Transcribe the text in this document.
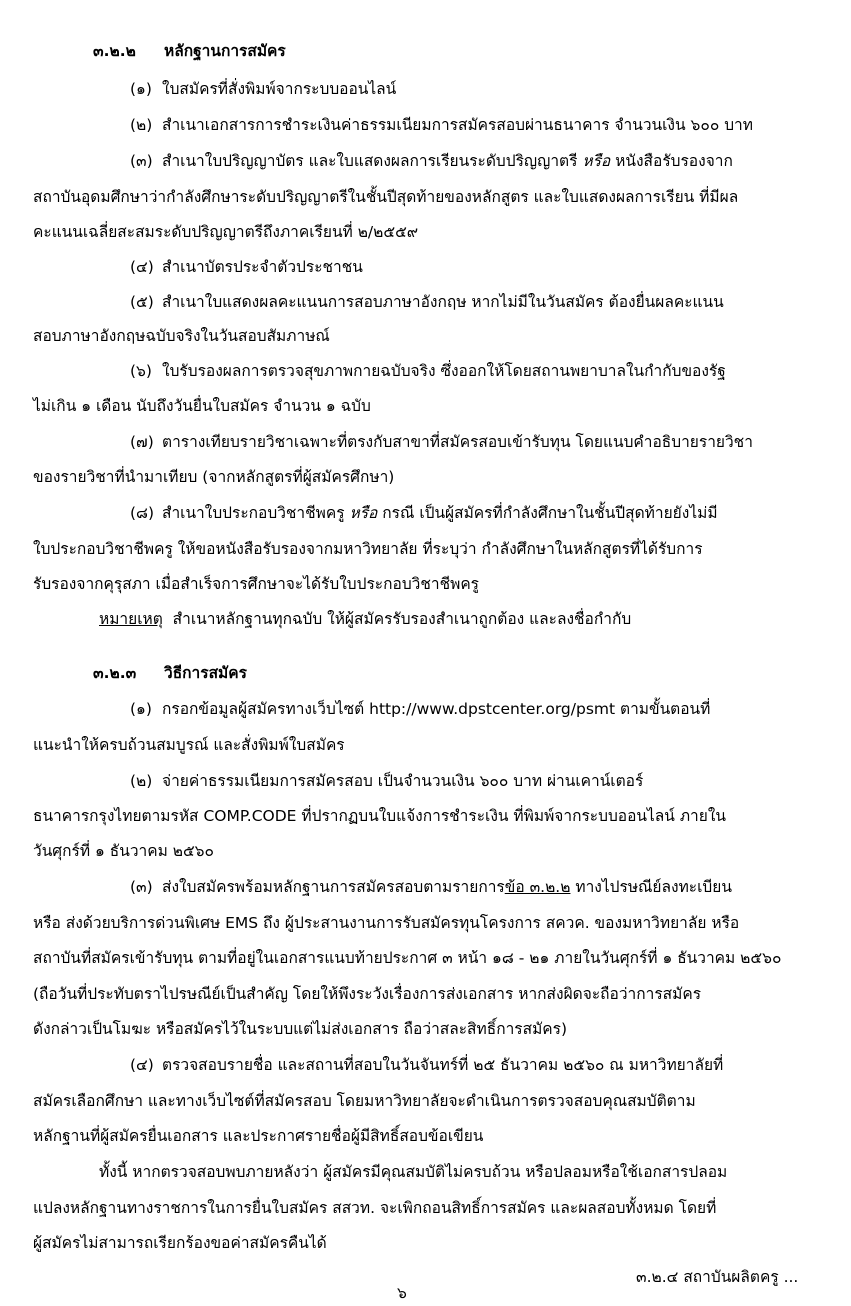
๓.๒.๒ หลักฐานการสมัคร
(๑) ใบสมัครที่สั่งพิมพ์จากระบบออนไลน์
(๒) สำเนาเอกสารการชำระเงินค่าธรรมเนียมการสมัครสอบผ่านธนาคาร จำนวนเงิน ๖๐๐ บาท
(๓) สำเนาใบปริญญาบัตร และใบแสดงผลการเรียนระดับปริญญาตรี หรือ หนังสือรับรองจาก
สถาบันอุดมศึกษาว่ากำลังศึกษาระดับปริญญาตรีในชั้นปีสุดท้ายของหลักสูตร และใบแสดงผลการเรียน ที่มีผล
คะแนนเฉลี่ยสะสมระดับปริญญาตรีถึงภาคเรียนที่ ๒/๒๕๕๙
(๔) สำเนาบัตรประจำตัวประชาชน
(๕) สำเนาใบแสดงผลคะแนนการสอบภาษาอังกฤษ หากไม่มีในวันสมัคร ต้องยื่นผลคะแนน
สอบภาษาอังกฤษฉบับจริงในวันสอบสัมภาษณ์
(๖) ใบรับรองผลการตรวจสุขภาพกายฉบับจริง ซึ่งออกให้โดยสถานพยาบาลในกำกับของรัฐ
ไม่เกิน ๑ เดือน นับถึงวันยื่นใบสมัคร จำนวน ๑ ฉบับ
(๗) ตารางเทียบรายวิชาเฉพาะที่ตรงกับสาขาที่สมัครสอบเข้ารับทุน โดยแนบคำอธิบายรายวิชา
ของรายวิชาที่นำมาเทียบ (จากหลักสูตรที่ผู้สมัครศึกษา)
(๘) สำเนาใบประกอบวิชาชีพครู หรือ กรณี เป็นผู้สมัครที่กำลังศึกษาในชั้นปีสุดท้ายยังไม่มี
ใบประกอบวิชาชีพครู ให้ขอหนังสือรับรองจากมหาวิทยาลัย ที่ระบุว่า กำลังศึกษาในหลักสูตรที่ได้รับการ
รับรองจากคุรุสภา เมื่อสำเร็จการศึกษาจะได้รับใบประกอบวิชาชีพครู
หมายเหตุ สำเนาหลักฐานทุกฉบับ ให้ผู้สมัครรับรองสำเนาถูกต้อง และลงชื่อกำกับ
๓.๒.๓ วิธีการสมัคร
(๑) กรอกข้อมูลผู้สมัครทางเว็บไซต์ http://www.dpstcenter.org/psmt ตามขั้นตอนที่
แนะนำให้ครบถ้วนสมบูรณ์ และสั่งพิมพ์ใบสมัคร
(๒) จ่ายค่าธรรมเนียมการสมัครสอบ เป็นจำนวนเงิน ๖๐๐ บาท ผ่านเคาน์เตอร์
ธนาคารกรุงไทยตามรหัส COMP.CODE ที่ปรากฏบนใบแจ้งการชำระเงิน ที่พิมพ์จากระบบออนไลน์ ภายใน
วันศุกร์ที่ ๑ ธันวาคม ๒๕๖๐
(๓) ส่งใบสมัครพร้อมหลักฐานการสมัครสอบตามรายการข้อ ๓.๒.๒ ทางไปรษณีย์ลงทะเบียน
หรือ ส่งด้วยบริการด่วนพิเศษ EMS ถึง ผู้ประสานงานการรับสมัครทุนโครงการ สควค. ของมหาวิทยาลัย หรือ
สถาบันที่สมัครเข้ารับทุน ตามที่อยู่ในเอกสารแนบท้ายประกาศ ๓ หน้า ๑๘ - ๒๑ ภายในวันศุกร์ที่ ๑ ธันวาคม ๒๕๖๐
(ถือวันที่ประทับตราไปรษณีย์เป็นสำคัญ โดยให้พึงระวังเรื่องการส่งเอกสาร หากส่งผิดจะถือว่าการสมัคร
ดังกล่าวเป็นโมฆะ หรือสมัครไว้ในระบบแต่ไม่ส่งเอกสาร ถือว่าสละสิทธิ์การสมัคร)
(๔) ตรวจสอบรายชื่อ และสถานที่สอบในวันจันทร์ที่ ๒๕ ธันวาคม ๒๕๖๐ ณ มหาวิทยาลัยที่
สมัครเลือกศึกษา และทางเว็บไซต์ที่สมัครสอบ โดยมหาวิทยาลัยจะดำเนินการตรวจสอบคุณสมบัติตาม
หลักฐานที่ผู้สมัครยื่นเอกสาร และประกาศรายชื่อผู้มีสิทธิ์สอบข้อเขียน
ทั้งนี้ หากตรวจสอบพบภายหลังว่า ผู้สมัครมีคุณสมบัติไม่ครบถ้วน หรือปลอมหรือใช้เอกสารปลอม
แปลงหลักฐานทางราชการในการยื่นใบสมัคร สสวท. จะเพิกถอนสิทธิ์การสมัคร และผลสอบทั้งหมด โดยที่
ผู้สมัครไม่สามารถเรียกร้องขอค่าสมัครคืนได้
๓.๒.๔ สถาบันผลิตครู ...
๖
